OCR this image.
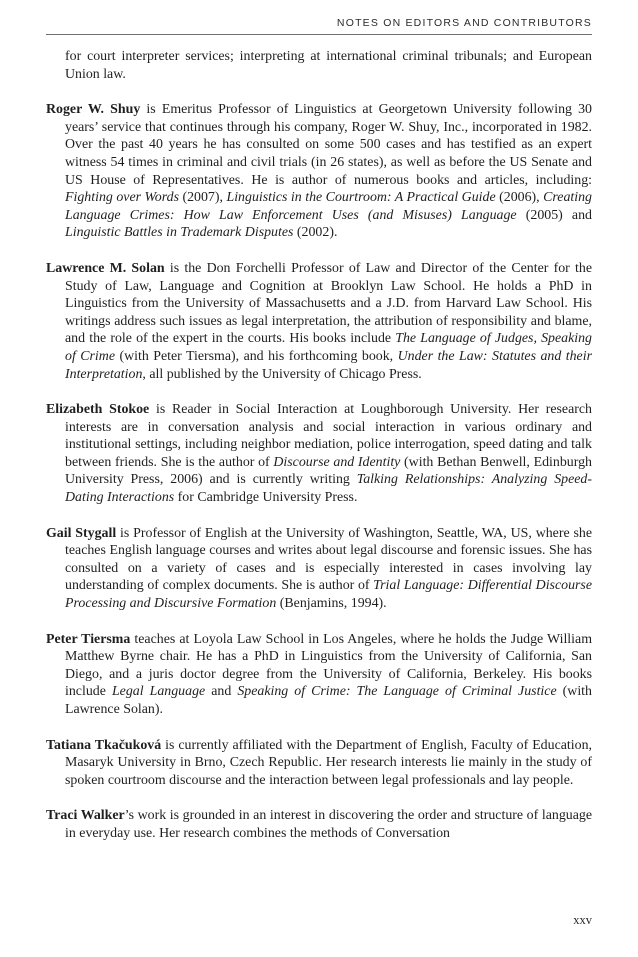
NOTES ON EDITORS AND CONTRIBUTORS

for court interpreter services; interpreting at international criminal tribunals; and European Union law.

Roger W. Shuy is Emeritus Professor of Linguistics at Georgetown University following 30 years’ service that continues through his company, Roger W. Shuy, Inc., incorporated in 1982. Over the past 40 years he has consulted on some 500 cases and has testified as an expert witness 54 times in criminal and civil trials (in 26 states), as well as before the US Senate and US House of Representatives. He is author of numerous books and articles, including: Fighting over Words (2007), Linguistics in the Courtroom: A Practical Guide (2006), Creating Language Crimes: How Law Enforcement Uses (and Misuses) Language (2005) and Linguistic Battles in Trademark Disputes (2002).

Lawrence M. Solan is the Don Forchelli Professor of Law and Director of the Center for the Study of Law, Language and Cognition at Brooklyn Law School. He holds a PhD in Linguistics from the University of Massachusetts and a J.D. from Harvard Law School. His writings address such issues as legal interpretation, the attribution of responsibility and blame, and the role of the expert in the courts. His books include The Language of Judges, Speaking of Crime (with Peter Tiersma), and his forthcoming book, Under the Law: Statutes and their Interpretation, all published by the University of Chicago Press.

Elizabeth Stokoe is Reader in Social Interaction at Loughborough University. Her research interests are in conversation analysis and social interaction in various ordinary and institutional settings, including neighbor mediation, police interrogation, speed dating and talk between friends. She is the author of Discourse and Identity (with Bethan Benwell, Edinburgh University Press, 2006) and is currently writing Talking Relationships: Analyzing Speed-Dating Interactions for Cambridge University Press.

Gail Stygall is Professor of English at the University of Washington, Seattle, WA, US, where she teaches English language courses and writes about legal discourse and forensic issues. She has consulted on a variety of cases and is especially interested in cases involving lay understanding of complex documents. She is author of Trial Language: Differential Discourse Processing and Discursive Formation (Benjamins, 1994).

Peter Tiersma teaches at Loyola Law School in Los Angeles, where he holds the Judge William Matthew Byrne chair. He has a PhD in Linguistics from the University of California, San Diego, and a juris doctor degree from the University of California, Berkeley. His books include Legal Language and Speaking of Crime: The Language of Criminal Justice (with Lawrence Solan).

Tatiana Tkačuková is currently affiliated with the Department of English, Faculty of Education, Masaryk University in Brno, Czech Republic. Her research interests lie mainly in the study of spoken courtroom discourse and the interaction between legal professionals and lay people.

Traci Walker’s work is grounded in an interest in discovering the order and structure of language in everyday use. Her research combines the methods of Conversation

xxv
